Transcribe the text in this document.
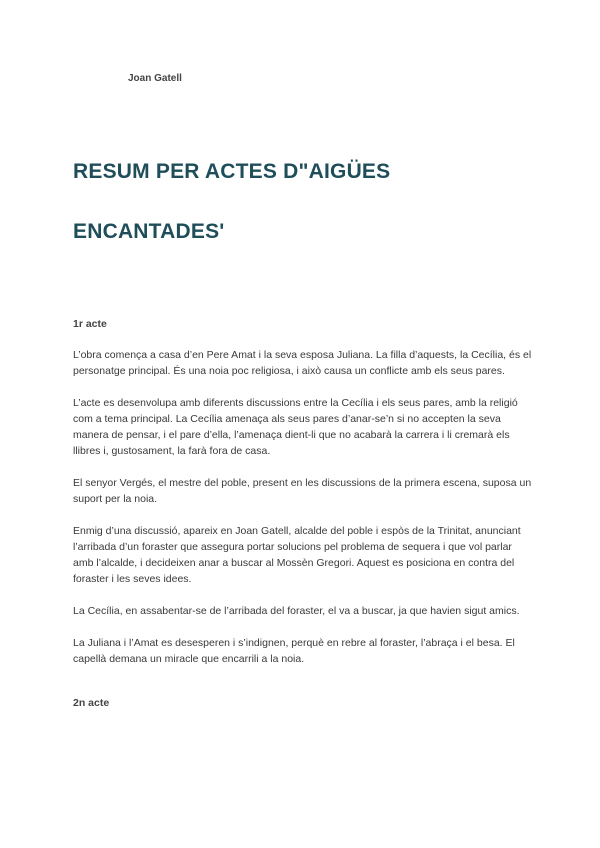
Joan Gatell
RESUM PER ACTES D"AIGÜES
ENCANTADES'
1r acte

L’obra comença a casa d’en Pere Amat i la seva esposa Juliana. La filla d’aquests, la Cecília, és el personatge principal. És una noia poc religiosa, i això causa un conflicte amb els seus pares.

L’acte es desenvolupa amb diferents discussions entre la Cecília i els seus pares, amb la religió com a tema principal. La Cecília amenaça als seus pares d’anar-se’n si no accepten la seva manera de pensar, i el pare d’ella, l’amenaça dient-li que no acabarà la carrera i li cremarà els llibres i, gustosament, la farà fora de casa.

El senyor Vergés, el mestre del poble, present en les discussions de la primera escena, suposa un suport per la noia.

Enmig d’una discussió, apareix en Joan Gatell, alcalde del poble i espòs de la Trinitat, anunciant l’arribada d’un foraster que assegura portar solucions pel problema de sequera i que vol parlar amb l’alcalde, i decideixen anar a buscar al Mossèn Gregori. Aquest es posiciona en contra del foraster i les seves idees.

La Cecília, en assabentar-se de l’arribada del foraster, el va a buscar, ja que havien sigut amics.

La Juliana i l’Amat es desesperen i s’indignen, perquè en rebre al foraster, l’abraça i el besa. El capellà demana un miracle que encarrili a la noia.

2n acte
